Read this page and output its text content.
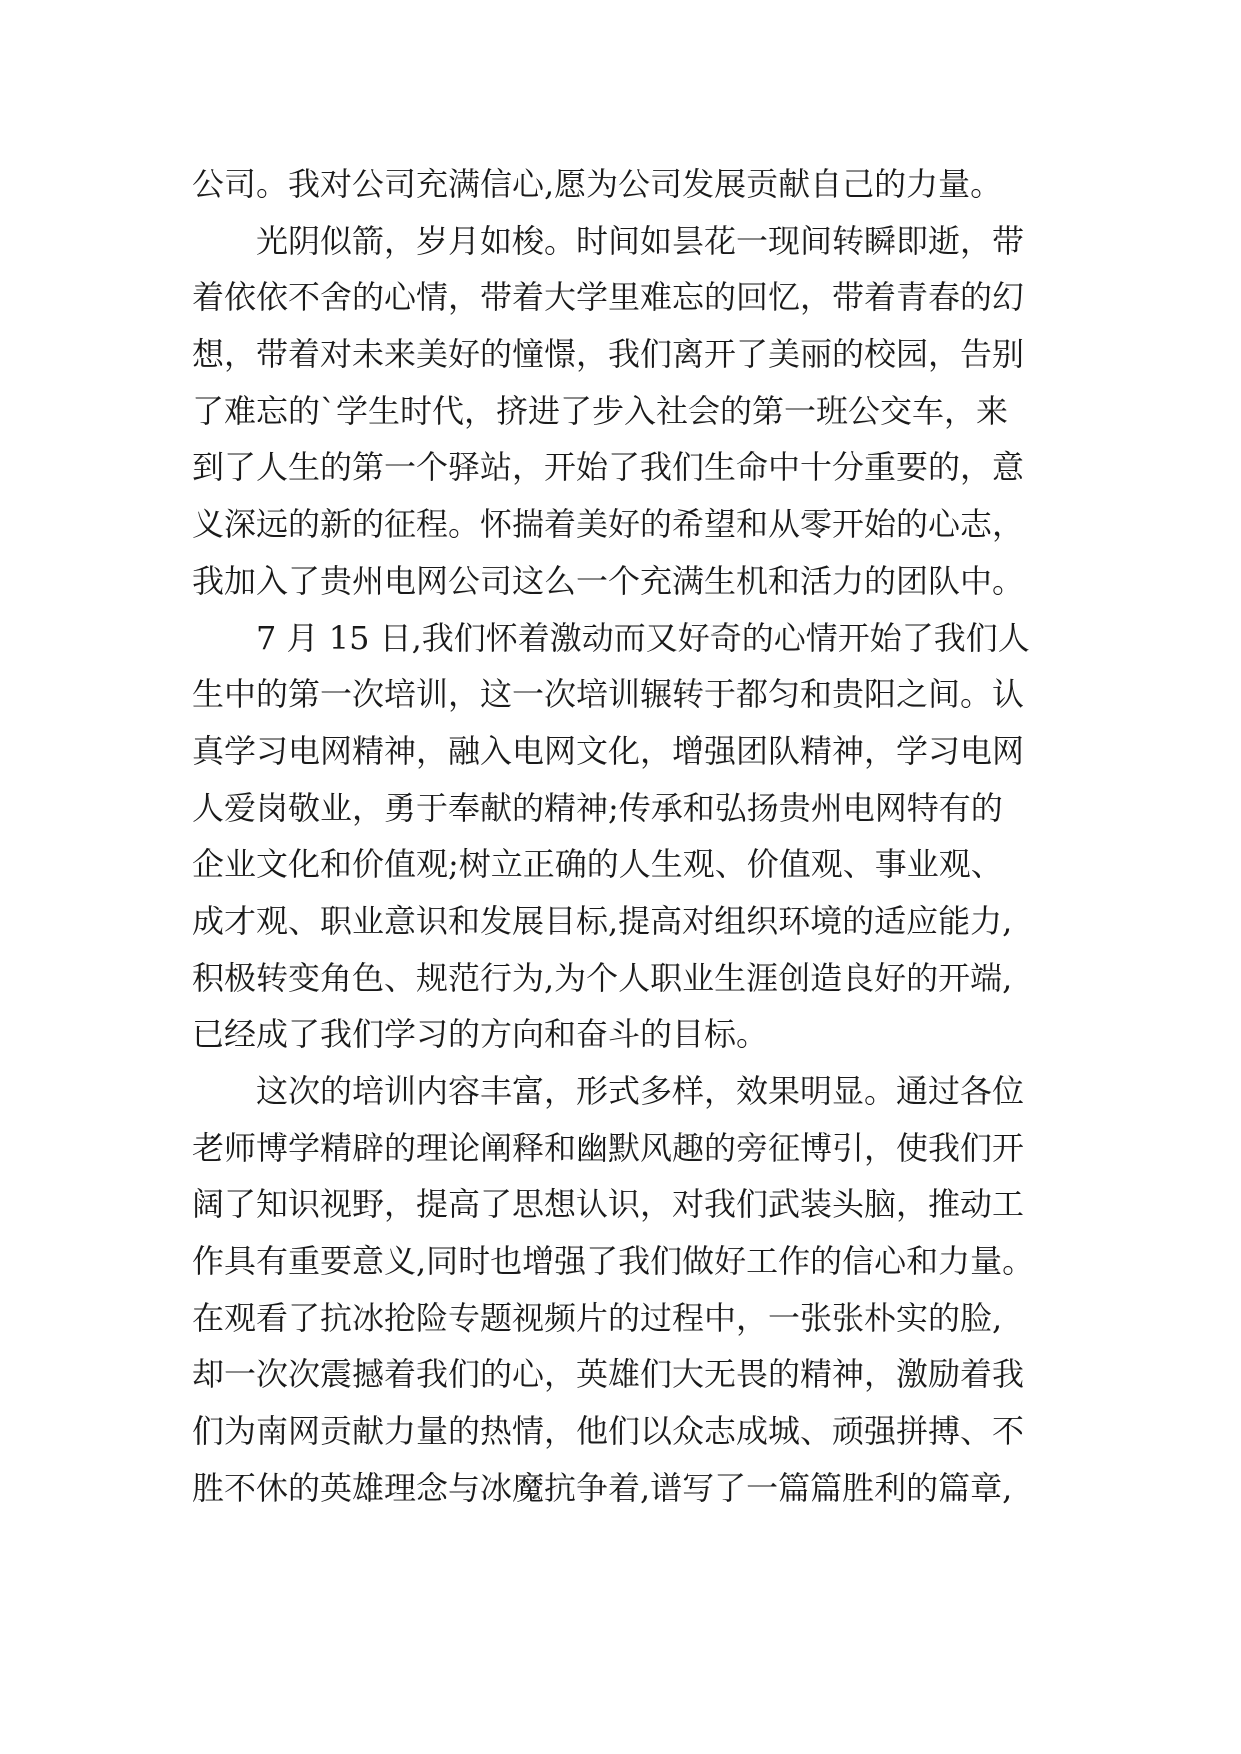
公司。我对公司充满信心,愿为公司发展贡献自己的力量。
　　光阴似箭，岁月如梭。时间如昙花一现间转瞬即逝，带
着依依不舍的心情，带着大学里难忘的回忆，带着青春的幻
想，带着对未来美好的憧憬，我们离开了美丽的校园，告别
了难忘的`学生时代，挤进了步入社会的第一班公交车，来
到了人生的第一个驿站，开始了我们生命中十分重要的，意
义深远的新的征程。怀揣着美好的希望和从零开始的心志，
我加入了贵州电网公司这么一个充满生机和活力的团队中。
　　7 月 15 日,我们怀着激动而又好奇的心情开始了我们人
生中的第一次培训，这一次培训辗转于都匀和贵阳之间。认
真学习电网精神，融入电网文化，增强团队精神，学习电网
人爱岗敬业，勇于奉献的精神;传承和弘扬贵州电网特有的
企业文化和价值观;树立正确的人生观、价值观、事业观、
成才观、职业意识和发展目标,提高对组织环境的适应能力,
积极转变角色、规范行为,为个人职业生涯创造良好的开端,
已经成了我们学习的方向和奋斗的目标。
　　这次的培训内容丰富，形式多样，效果明显。通过各位
老师博学精辟的理论阐释和幽默风趣的旁征博引，使我们开
阔了知识视野，提高了思想认识，对我们武装头脑，推动工
作具有重要意义,同时也增强了我们做好工作的信心和力量。
在观看了抗冰抢险专题视频片的过程中，一张张朴实的脸,
却一次次震撼着我们的心，英雄们大无畏的精神，激励着我
们为南网贡献力量的热情，他们以众志成城、顽强拼搏、不
胜不休的英雄理念与冰魔抗争着,谱写了一篇篇胜利的篇章,
